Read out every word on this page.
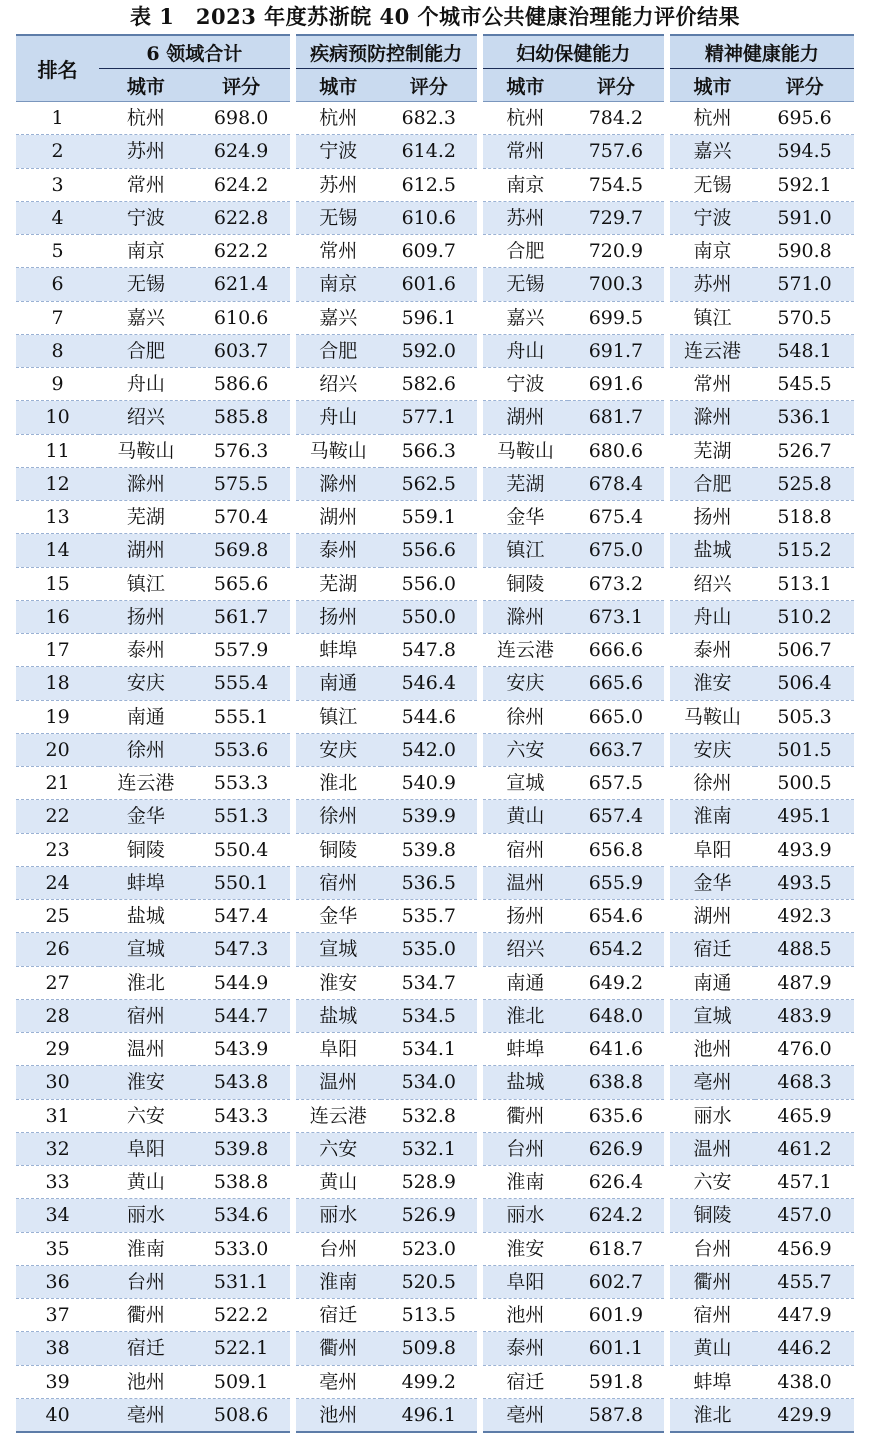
表 1　2023 年度苏浙皖 40 个城市公共健康治理能力评价结果
排名	6 领域合计		疾病预防控制能力		妇幼保健能力		精神健康能力	
	城市	评分	城市	评分	城市	评分	城市	评分
1	杭州	698.0	杭州	682.3	杭州	784.2	杭州	695.6
2	苏州	624.9	宁波	614.2	常州	757.6	嘉兴	594.5
3	常州	624.2	苏州	612.5	南京	754.5	无锡	592.1
4	宁波	622.8	无锡	610.6	苏州	729.7	宁波	591.0
5	南京	622.2	常州	609.7	合肥	720.9	南京	590.8
6	无锡	621.4	南京	601.6	无锡	700.3	苏州	571.0
7	嘉兴	610.6	嘉兴	596.1	嘉兴	699.5	镇江	570.5
8	合肥	603.7	合肥	592.0	舟山	691.7	连云港	548.1
9	舟山	586.6	绍兴	582.6	宁波	691.6	常州	545.5
10	绍兴	585.8	舟山	577.1	湖州	681.7	滁州	536.1
11	马鞍山	576.3	马鞍山	566.3	马鞍山	680.6	芜湖	526.7
12	滁州	575.5	滁州	562.5	芜湖	678.4	合肥	525.8
13	芜湖	570.4	湖州	559.1	金华	675.4	扬州	518.8
14	湖州	569.8	泰州	556.6	镇江	675.0	盐城	515.2
15	镇江	565.6	芜湖	556.0	铜陵	673.2	绍兴	513.1
16	扬州	561.7	扬州	550.0	滁州	673.1	舟山	510.2
17	泰州	557.9	蚌埠	547.8	连云港	666.6	泰州	506.7
18	安庆	555.4	南通	546.4	安庆	665.6	淮安	506.4
19	南通	555.1	镇江	544.6	徐州	665.0	马鞍山	505.3
20	徐州	553.6	安庆	542.0	六安	663.7	安庆	501.5
21	连云港	553.3	淮北	540.9	宣城	657.5	徐州	500.5
22	金华	551.3	徐州	539.9	黄山	657.4	淮南	495.1
23	铜陵	550.4	铜陵	539.8	宿州	656.8	阜阳	493.9
24	蚌埠	550.1	宿州	536.5	温州	655.9	金华	493.5
25	盐城	547.4	金华	535.7	扬州	654.6	湖州	492.3
26	宣城	547.3	宣城	535.0	绍兴	654.2	宿迁	488.5
27	淮北	544.9	淮安	534.7	南通	649.2	南通	487.9
28	宿州	544.7	盐城	534.5	淮北	648.0	宣城	483.9
29	温州	543.9	阜阳	534.1	蚌埠	641.6	池州	476.0
30	淮安	543.8	温州	534.0	盐城	638.8	亳州	468.3
31	六安	543.3	连云港	532.8	衢州	635.6	丽水	465.9
32	阜阳	539.8	六安	532.1	台州	626.9	温州	461.2
33	黄山	538.8	黄山	528.9	淮南	626.4	六安	457.1
34	丽水	534.6	丽水	526.9	丽水	624.2	铜陵	457.0
35	淮南	533.0	台州	523.0	淮安	618.7	台州	456.9
36	台州	531.1	淮南	520.5	阜阳	602.7	衢州	455.7
37	衢州	522.2	宿迁	513.5	池州	601.9	宿州	447.9
38	宿迁	522.1	衢州	509.8	泰州	601.1	黄山	446.2
39	池州	509.1	亳州	499.2	宿迁	591.8	蚌埠	438.0
40	亳州	508.6	池州	496.1	亳州	587.8	淮北	429.9
